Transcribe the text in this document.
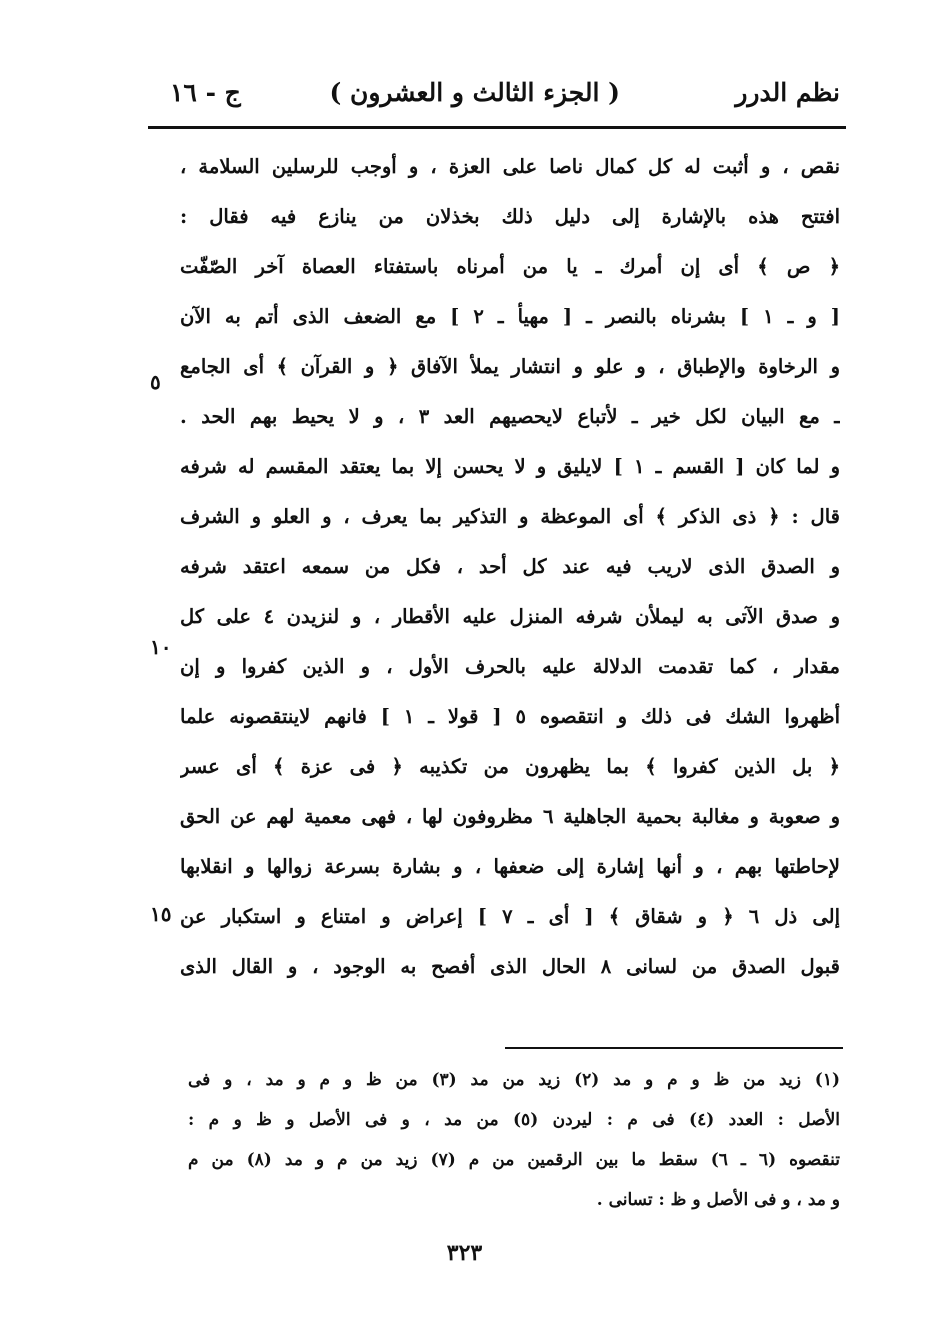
نظم الدرر
( الجزء الثالث و العشرون )
ج - ١٦
نقص ، و أثبت له كل كمال ناصا على العزة ، و أوجب للرسلين السلامة ،
افتتح هذه بالإشارة إلى دليل ذلك بخذلان من ينازع فيه فقال :
﴿ ص ﴾ أى إن أمرك ـ يا من أمرناه باستفتاء العصاة آخر الصّفّت
[ و ـ ١ ] بشرناه بالنصر ـ [ مهيأ ـ ٢ ] مع الضعف الذى أتم به الآن
و الرخاوة والإطباق ، و علو و انتشار يملأ الآفاق ﴿ و القرآن ﴾ أى الجامع
ـ مع البيان لكل خير ـ لأتباع لايحصيهم العد ٣ ، و لا يحيط بهم الحد .
و لما كان [ القسم ـ ١ ] لايليق و لا يحسن إلا بما يعتقد المقسم له شرفه
قال : ﴿ ذى الذكر ﴾ أى الموعظة و التذكير بما يعرف ، و العلو و الشرف
و الصدق الذى لاريب فيه عند كل أحد ، فكل من سمعه اعتقد شرفه
و صدق الآتى به ليملأن شرفه المنزل عليه الأقطار ، و لنزيدن ٤ على كل
مقدار ، كما تقدمت الدلالة عليه بالحرف الأول ، و الذين كفروا و إن
أظهروا الشك فى ذلك و انتقصوه ٥ [ قولا ـ ١ ] فانهم لاينتقصونه علما
﴿ بل الذين كفروا ﴾ بما يظهرون من تكذيبه ﴿ فى عزة ﴾ أى عسر
و صعوبة و مغالبة بحمية الجاهلية ٦ مظروفون لها ، فهى معمية لهم عن الحق
لإحاطتها بهم ، و أنها إشارة إلى ضعفها ، و بشارة بسرعة زوالها و انقلابها
إلى ذل ٦ ﴿ و شقاق ﴾ [ أى ـ ٧ ] إعراض و امتناع و استكبار عن
قبول الصدق من لسانى ٨ الحال الذى أفصح به الوجود ، و القال الذى
٥
١٠
١٥
(١) زيد من ظ و م و مد (٢) زيد من مد (٣) من ظ و م و مد ، و فى
الأصل : العدد (٤) فى م : ليردن (٥) من مد ، و فى الأصل و ظ و م :
تنقصوه (٦ ـ ٦) سقط ما بين الرقمين من م (٧) زيد من م و مد (٨) من م
و مد ، و فى الأصل و ظ : تسانى .
٣٢٣
